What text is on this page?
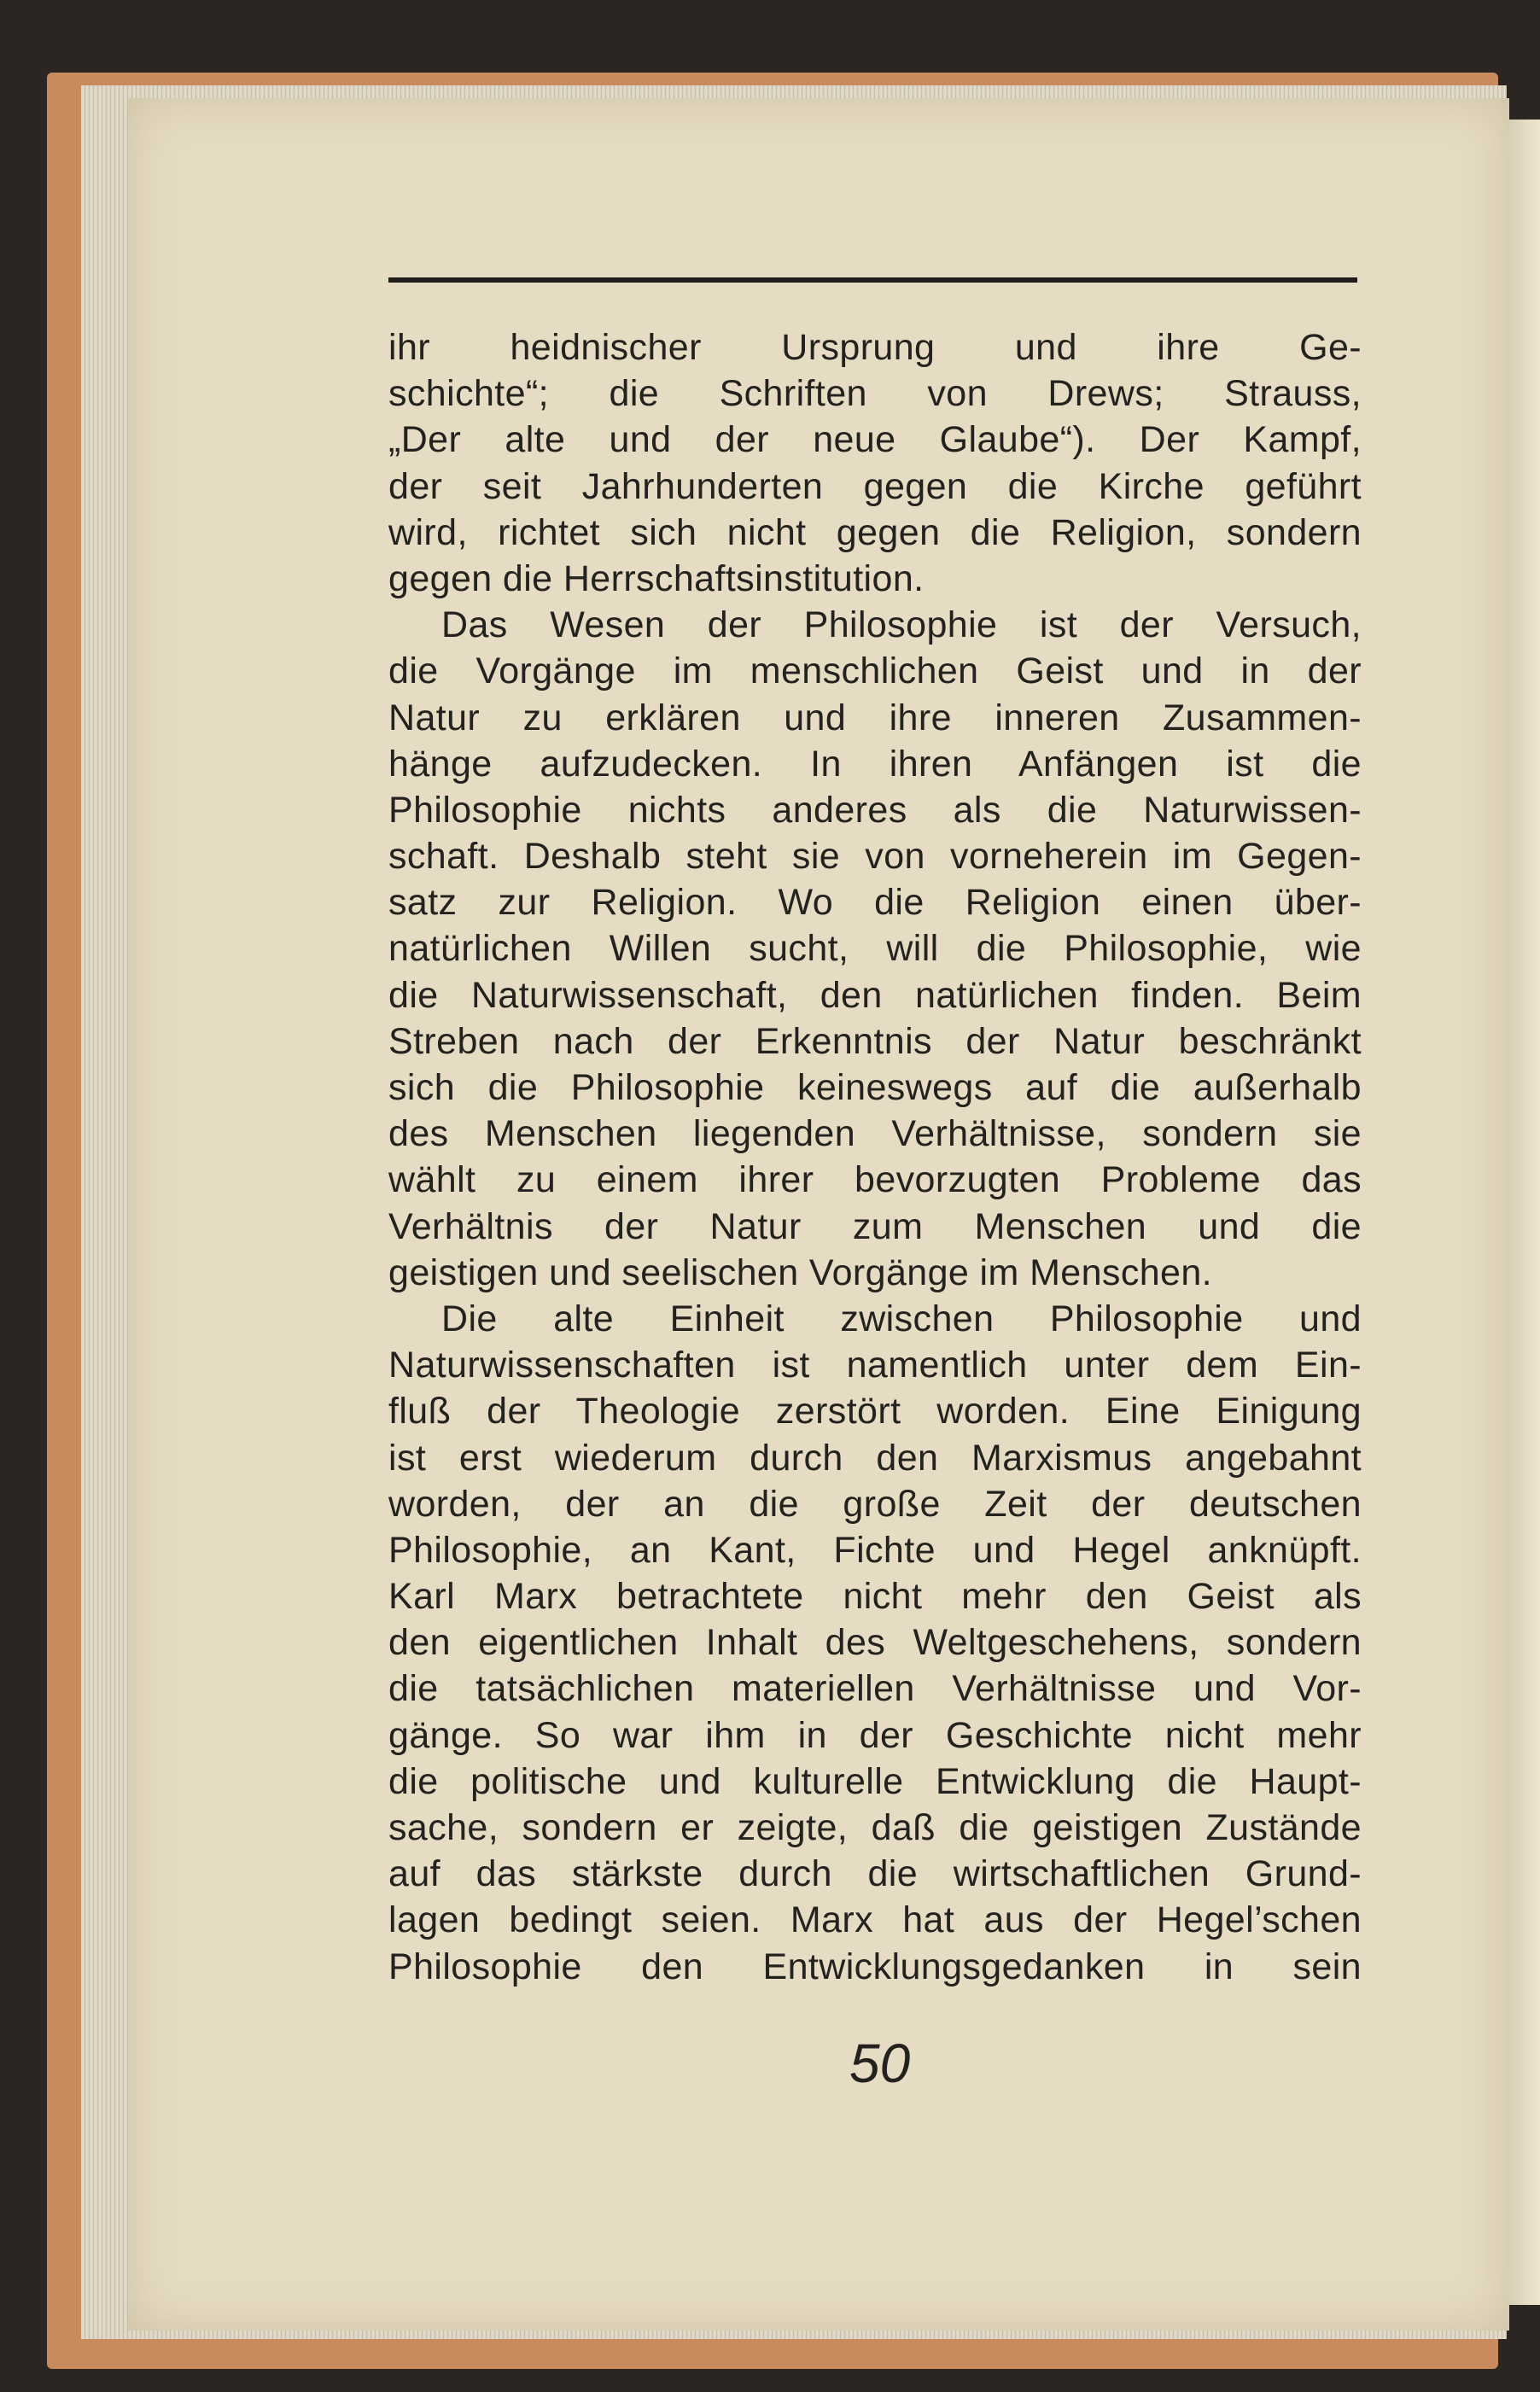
ihr heidnischer Ursprung und ihre Ge-
schichte“; die Schriften von Drews; Strauss,
„Der alte und der neue Glaube“). Der Kampf,
der seit Jahrhunderten gegen die Kirche geführt
wird, richtet sich nicht gegen die Religion, sondern
gegen die Herrschaftsinstitution.
Das Wesen der Philosophie ist der Versuch,
die Vorgänge im menschlichen Geist und in der
Natur zu erklären und ihre inneren Zusammen-
hänge aufzudecken. In ihren Anfängen ist die
Philosophie nichts anderes als die Naturwissen-
schaft. Deshalb steht sie von vorneherein im Gegen-
satz zur Religion. Wo die Religion einen über-
natürlichen Willen sucht, will die Philosophie, wie
die Naturwissenschaft, den natürlichen finden. Beim
Streben nach der Erkenntnis der Natur beschränkt
sich die Philosophie keineswegs auf die außerhalb
des Menschen liegenden Verhältnisse, sondern sie
wählt zu einem ihrer bevorzugten Probleme das
Verhältnis der Natur zum Menschen und die
geistigen und seelischen Vorgänge im Menschen.
Die alte Einheit zwischen Philosophie und
Naturwissenschaften ist namentlich unter dem Ein-
fluß der Theologie zerstört worden. Eine Einigung
ist erst wiederum durch den Marxismus angebahnt
worden, der an die große Zeit der deutschen
Philosophie, an Kant, Fichte und Hegel anknüpft.
Karl Marx betrachtete nicht mehr den Geist als
den eigentlichen Inhalt des Weltgeschehens, sondern
die tatsächlichen materiellen Verhältnisse und Vor-
gänge. So war ihm in der Geschichte nicht mehr
die politische und kulturelle Entwicklung die Haupt-
sache, sondern er zeigte, daß die geistigen Zustände
auf das stärkste durch die wirtschaftlichen Grund-
lagen bedingt seien. Marx hat aus der Hegel’schen
Philosophie den Entwicklungsgedanken in sein
50
